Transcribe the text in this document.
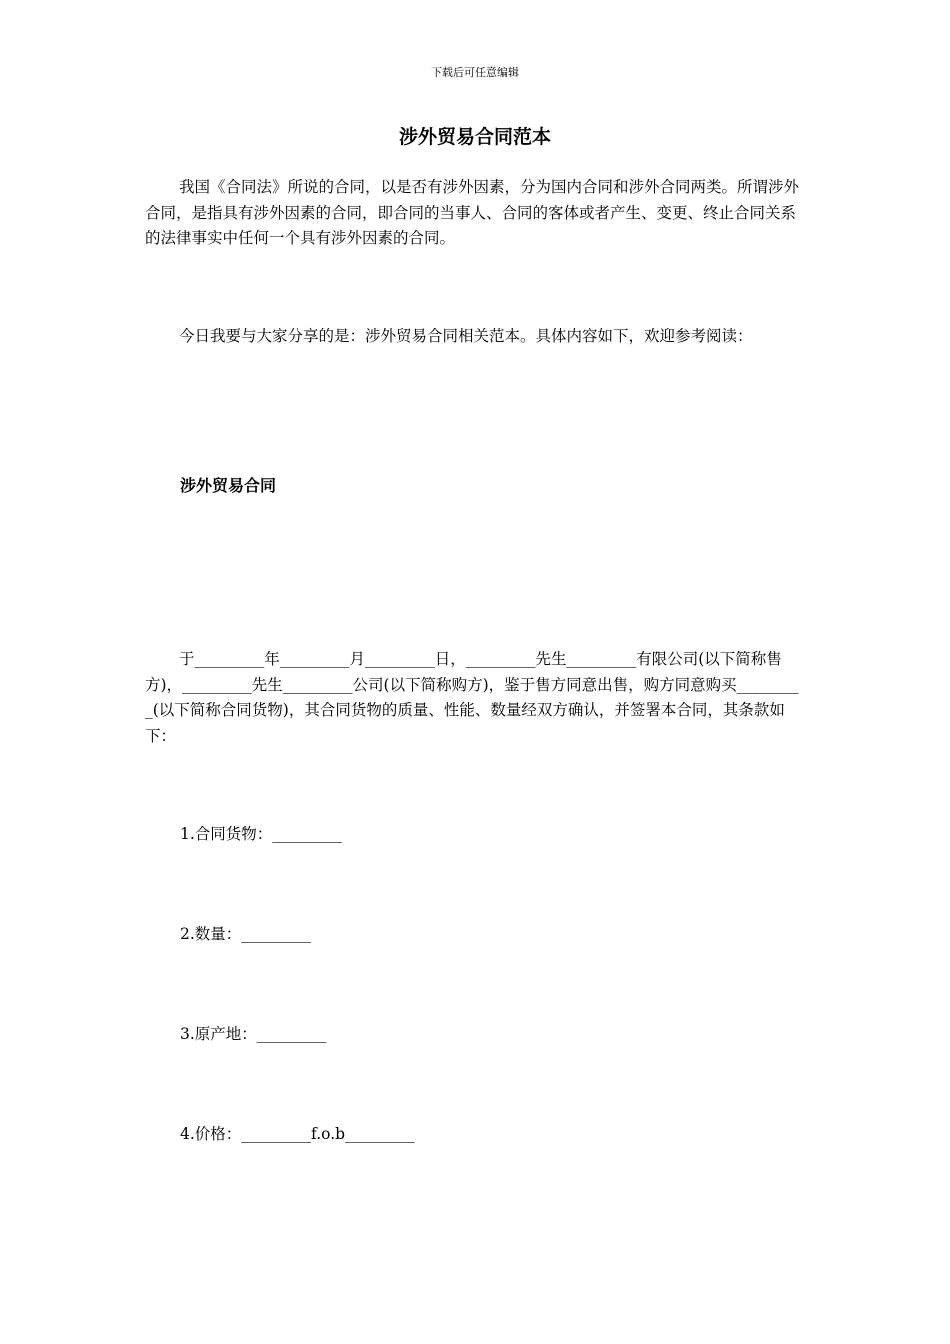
下载后可任意编辑
涉外贸易合同范本

我国《合同法》所说的合同，以是否有涉外因素，分为国内合同和涉外合同两类。所谓涉外合同，是指具有涉外因素的合同，即合同的当事人、合同的客体或者产生、变更、终止合同关系的法律事实中任何一个具有涉外因素的合同。

今日我要与大家分享的是：涉外贸易合同相关范本。具体内容如下，欢迎参考阅读：

涉外贸易合同

于_________年_________月_________日，_________先生_________有限公司(以下简称售方)，_________先生_________公司(以下简称购方)，鉴于售方同意出售，购方同意购买_________(以下简称合同货物)，其合同货物的质量、性能、数量经双方确认，并签署本合同，其条款如下：

1.合同货物：_________

2.数量：_________

3.原产地：_________

4.价格：_________f.o.b_________
